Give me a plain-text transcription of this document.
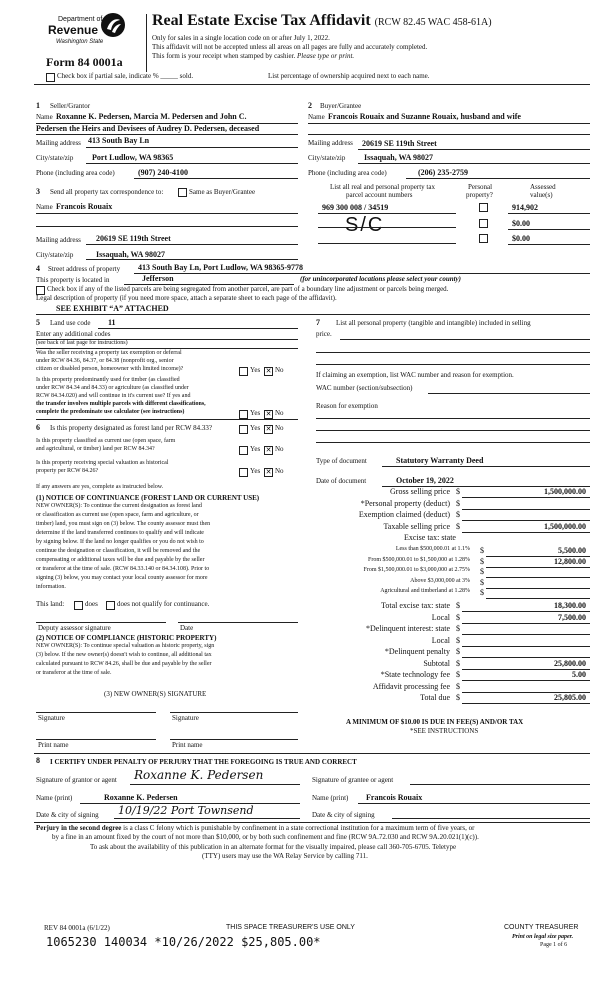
Department of
Revenue
Washington State
Real Estate Excise Tax Affidavit (RCW 82.45 WAC 458-61A)
Only for sales in a single location code on or after July 1, 2022.
This affidavit will not be accepted unless all areas on all pages are fully and accurately completed.
This form is your receipt when stamped by cashier. Please type or print.
Form 84 0001a
Check box if partial sale, indicate % _____ sold.	List percentage of ownership acquired next to each name.
1 Seller/Grantor
Name Roxanne K. Pedersen, Marcia M. Pedersen and John C.
Pedersen the Heirs and Devisees of Audrey D. Pedersen, deceased
Mailing address 413 South Bay Ln
City/state/zip Port Ludlow, WA 98365
Phone (including area code)	(907) 240-4100
2 Buyer/Grantee
Name Francois Rouaix and Suzanne Rouaix, husband and wife
Mailing address 20619 SE 119th Street
City/state/zip Issaquah, WA 98027
Phone (including area code)	(206) 235-2759
3 Send all property tax correspondence to:	Same as Buyer/Grantee
Name Francois Rouaix
Mailing address 20619 SE 119th Street
City/state/zip	Issaquah, WA 98027
List all real and personal property tax
parcel account numbers
Personal
property?
Assessed
value(s)
969 300 008 / 34519	914,902
S/C	$0.00
$0.00
4 Street address of property 413 South Bay Ln, Port Ludlow, WA 98365-9778
This property is located in	Jefferson	(for unincorporated locations please select your county)
Check box if any of the listed parcels are being segregated from another parcel, are part of a boundary line adjustment or parcels being merged.
Legal description of property (if you need more space, attach a separate sheet to each page of the affidavit).
SEE EXHIBIT “A” ATTACHED
5 Land use code 11
Enter any additional codes
(see back of last page for instructions)
Was the seller receiving a property tax exemption or deferral
under RCW 84.36, 84.37, or 84.38 (nonprofit org., senior
citizen or disabled person, homeowner with limited income)?	Yes ✕ No
Is this property predominantly used for timber (as classified
under RCW 84.34 and 84.33) or agriculture (as classified under
RCW 84.34.020) and will continue in it's current use? If yes and
the transfer involves multiple parcels with different classifications,
complete the predominate use calculator (see instructions)	Yes ✕ No
6 Is this property designated as forest land per RCW 84.33?	Yes ✕ No
Is this property classified as current use (open space, farm
and agricultural, or timber) land per RCW 84.34?	Yes ✕ No
Is this property receiving special valuation as historical
property per RCW 84.26?	Yes ✕ No
If any answers are yes, complete as instructed below.
(1) NOTICE OF CONTINUANCE (FOREST LAND OR CURRENT USE)
NEW OWNER(S): To continue the current designation as forest land
or classification as current use (open space, farm and agriculture, or
timber) land, you must sign on (3) below. The county assessor must then
determine if the land transferred continues to qualify and will indicate
by signing below. If the land no longer qualifies or you do not wish to
continue the designation or classification, it will be removed and the
compensating or additional taxes will be due and payable by the seller
or transferor at the time of sale. (RCW 84.33.140 or 84.34.108). Prior to
signing (3) below, you may contact your local county assessor for more
information.
This land:	does	does not qualify for continuance.
Deputy assessor signature	Date
(2) NOTICE OF COMPLIANCE (HISTORIC PROPERTY)
NEW OWNER(S): To continue special valuation as historic property, sign
(3) below. If the new owner(s) doesn't wish to continue, all additional tax
calculated pursuant to RCW 84.26, shall be due and payable by the seller
or transferor at the time of sale.
(3) NEW OWNER(S) SIGNATURE
Signature	Signature
Print name	Print name
7 List all personal property (tangible and intangible) included in selling
price.
If claiming an exemption, list WAC number and reason for exemption.
WAC number (section/subsection)
Reason for exemption
Type of document	Statutory Warranty Deed
Date of document	October 19, 2022
Gross selling price $	1,500,000.00
*Personal property (deduct) $
Exemption claimed (deduct) $
Taxable selling price $	1,500,000.00
Excise tax: state
Less than $500,000.01 at 1.1% $	5,500.00
From $500,000.01 to $1,500,000 at 1.28% $	12,800.00
From $1,500,000.01 to $3,000,000 at 2.75% $
Above $3,000,000 at 3% $
Agricultural and timberland at 1.28% $
Total excise tax: state $	18,300.00
Local $	7,500.00
*Delinquent interest: state $
Local $
*Delinquent penalty $
Subtotal $	25,800.00
*State technology fee $	5.00
Affidavit processing fee $
Total due $	25,805.00
A MINIMUM OF $10.00 IS DUE IN FEE(S) AND/OR TAX
*SEE INSTRUCTIONS
8 I CERTIFY UNDER PENALTY OF PERJURY THAT THE FOREGOING IS TRUE AND CORRECT
Signature of grantor or agent Roxanne K. Pedersen	Signature of grantee or agent
Name (print)	Roxanne K. Pedersen	Name (print) Francois Rouaix
Date & city of signing 10/19/22 Port Townsend	Date & city of signing
Perjury in the second degree is a class C felony which is punishable by confinement in a state correctional institution for a maximum term of five years, or
by a fine in an amount fixed by the court of not more than $10,000, or by both such confinement and fine (RCW 9A.72.030 and RCW 9A.20.021(1)(c)).
To ask about the availability of this publication in an alternate format for the visually impaired, please call 360-705-6705. Teletype
(TTY) users may use the WA Relay Service by calling 711.
REV 84 0001a (6/1/22)	THIS SPACE TREASURER'S USE ONLY	COUNTY TREASURER
Print on legal size paper.
Page 1 of 6
1065230 140034 *10/26/2022 $25,805.00*
